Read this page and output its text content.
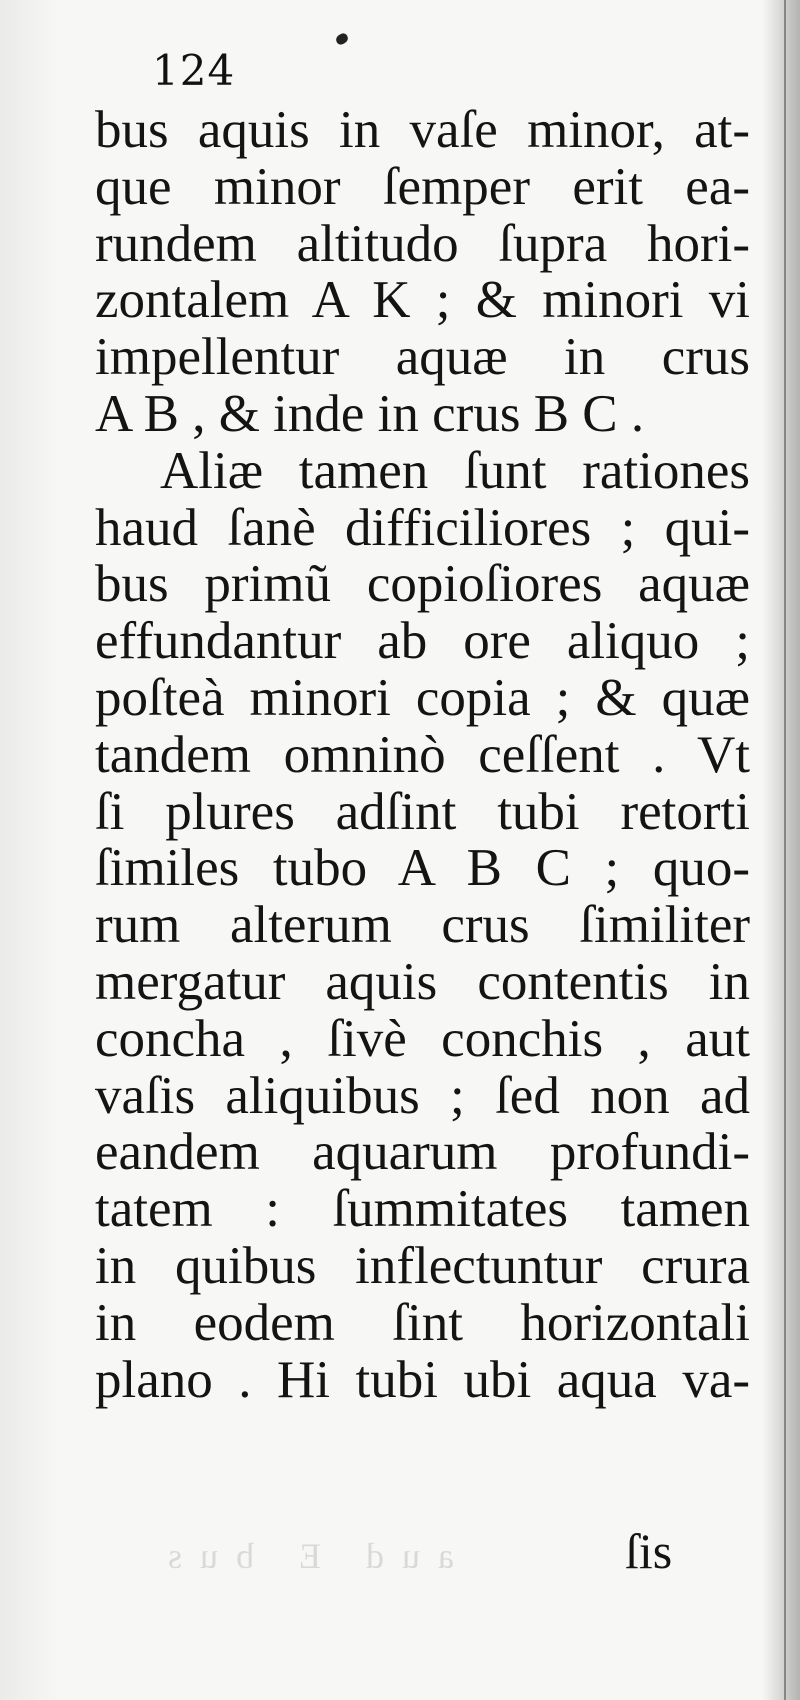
124
bus aquis in vaſe minor, at-
que minor ſemper erit ea-
rundem altitudo ſupra hori-
zontalem A K ; & minori vi
impellentur aquæ in crus
A B , & inde in crus B C .
Aliæ tamen ſunt rationes
haud ſanè difficiliores ; qui-
bus primũ copioſiores aquæ
effundantur ab ore aliquo ;
poſteà minori copia ; & quæ
tandem omninò ceſſent . Vt
ſi plures adſint tubi retorti
ſimiles tubo A B C ; quo-
rum alterum crus ſimiliter
mergatur aquis contentis in
concha , ſivè conchis , aut
vaſis aliquibus ; ſed non ad
eandem aquarum profundi-
tatem : ſummitates tamen
in quibus inflectuntur crura
in eodem ſint horizontali
plano . Hi tubi ubi aqua va-
aud E bus	ſis
